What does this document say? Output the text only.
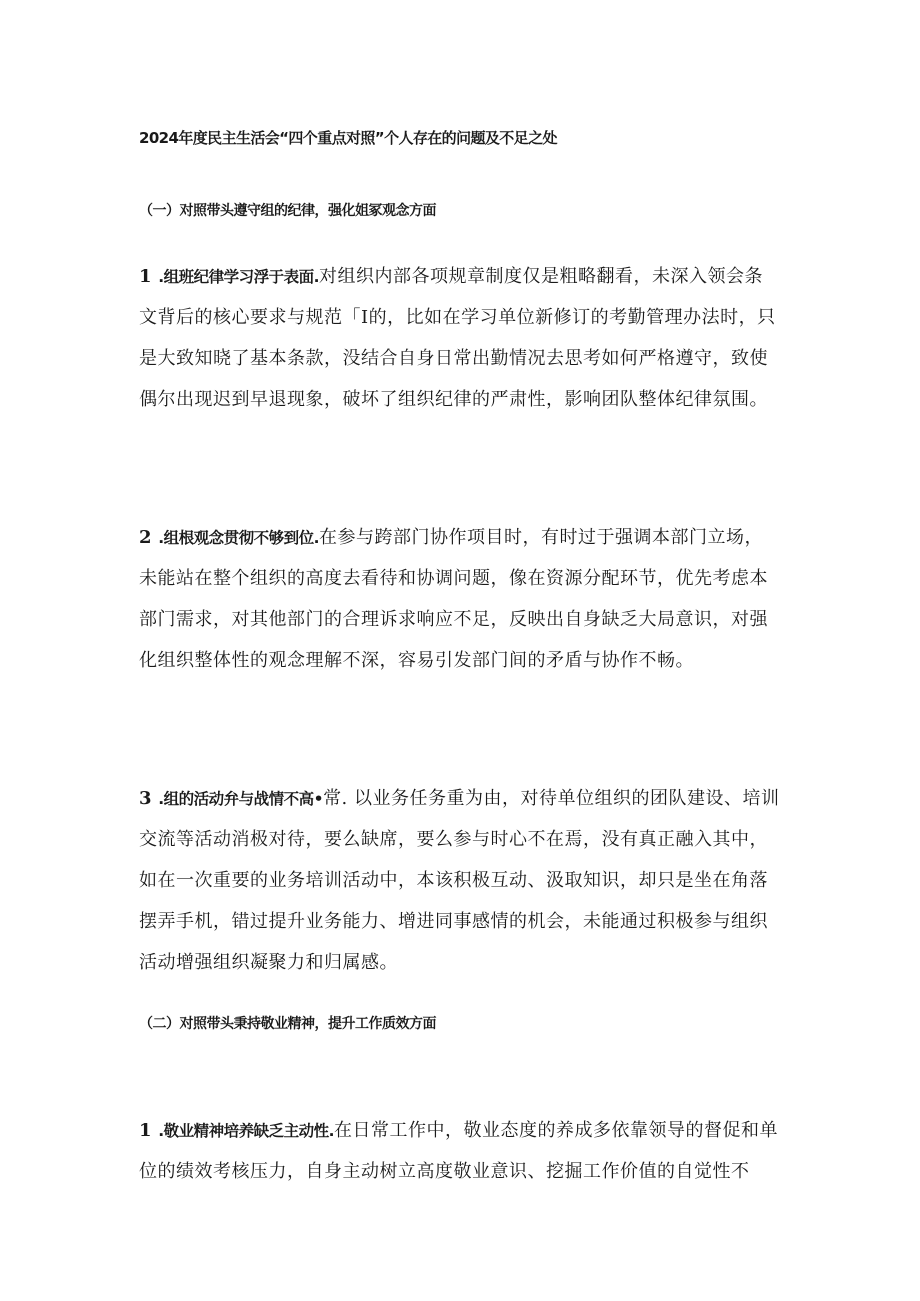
2024年度民主生活会“四个重点对照”个人存在的问题及不足之处
（一）对照带头遵守组的纪律，强化姐冢观念方面
1 .组班纪律学习浮于表面.对组织内部各项规章制度仅是粗略翻看，未深入领会条
文背后的核心要求与规范「I的，比如在学习单位新修订的考勤管理办法时，只
是大致知晓了基本条款，没结合自身日常出勤情况去思考如何严格遵守，致使
偶尔出现迟到早退现象，破坏了组织纪律的严肃性，影响团队整体纪律氛围。
2 .组根观念贯彻不够到位.在参与跨部门协作项目时，有时过于强调本部门立场，
未能站在整个组织的高度去看待和协调问题，像在资源分配环节，优先考虑本
部门需求，对其他部门的合理诉求响应不足，反映出自身缺乏大局意识，对强
化组织整体性的观念理解不深，容易引发部门间的矛盾与协作不畅。
3 .组的活动弁与战情不高•常. 以业务任务重为由，对待单位组织的团队建设、培训
交流等活动消极对待，要么缺席，要么参与时心不在焉，没有真正融入其中，
如在一次重要的业务培训活动中，本该积极互动、汲取知识，却只是坐在角落
摆弄手机，错过提升业务能力、增进同事感情的机会，未能通过积极参与组织
活动增强组织凝聚力和归属感。
（二）对照带头秉持敬业精神，提升工作质效方面
1 .敬业精神培养缺乏主动性.在日常工作中，敬业态度的养成多依靠领导的督促和单
位的绩效考核压力，自身主动树立高度敬业意识、挖掘工作价值的自觉性不
